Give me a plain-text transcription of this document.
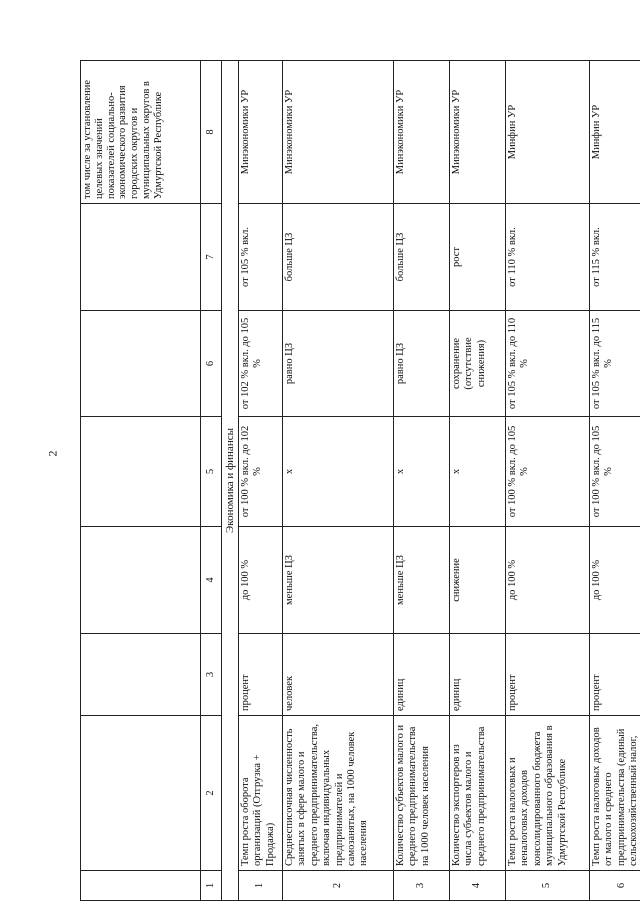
2
							том числе за установление целевых значений показателей социально-экономического развития городских округов и муниципальных округов в Удмуртской Республике
1	2	3	4	5	6	7	8
Экономика и финансы							
1	Темп роста оборота организаций (Отгрузка + Продажа)	процент	до 100 %	от 100 % вкл. до 102 %	от 102 % вкл. до 105 %	от 105 % вкл.	Минэкономики УР
2	Среднесписочная численность занятых в сфере малого и среднего предпринимательства, включая индивидуальных предпринимателей и самозанятых, на 1000 человек населения	человек	меньше ЦЗ	x	равно ЦЗ	больше ЦЗ	Минэкономики УР
3	Количество субъектов малого и среднего предпринимательства на 1000 человек населения	единиц	меньше ЦЗ	x	равно ЦЗ	больше ЦЗ	Минэкономики УР
4	Количество экспортеров из числа субъектов малого и среднего предпринимательства	единиц	снижение	x	сохранение (отсутствие снижения)	рост	Минэкономики УР
5	Темп роста налоговых и неналоговых доходов консолидированного бюджета муниципального образования в Удмуртской Республике	процент	до 100 %	от 100 % вкл. до 105 %	от 105 % вкл. до 110 %	от 110 % вкл.	Минфин УР
6	Темп роста налоговых доходов от малого и среднего предпринимательства (единый сельскохозяйственный налог,	процент	до 100 %	от 100 % вкл. до 105 %	от 105 % вкл. до 115 %	от 115 % вкл.	Минфин УР
